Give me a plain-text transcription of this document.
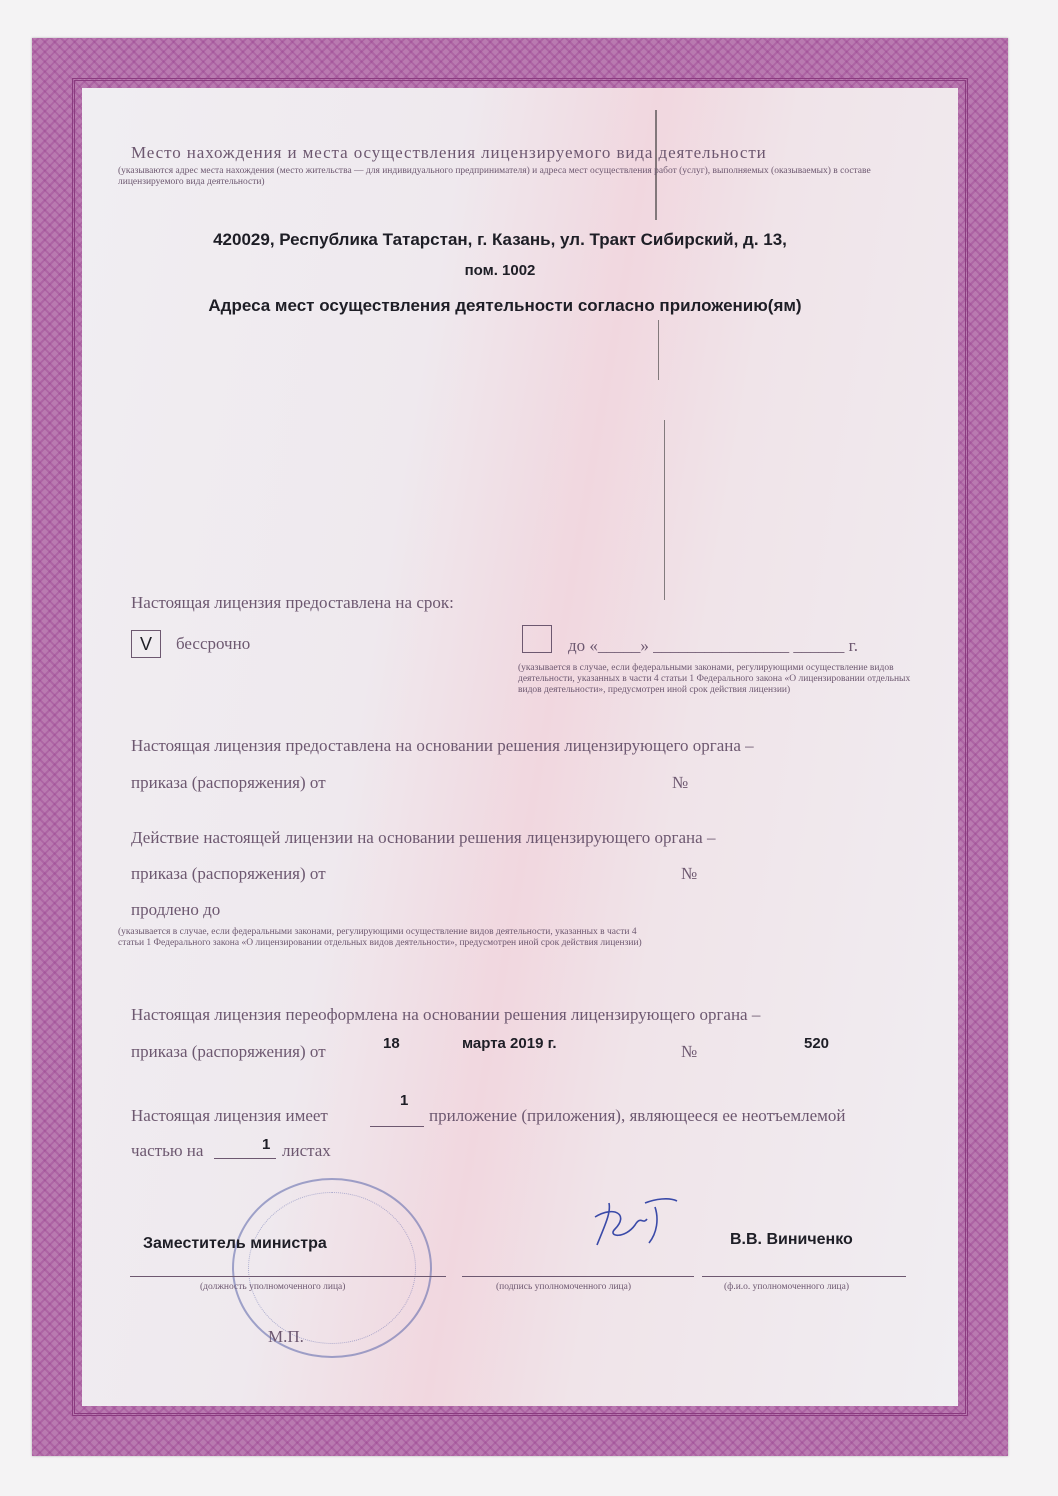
Место нахождения и места осуществления лицензируемого вида деятельности
(указываются адрес места нахождения (место жительства — для индивидуального предпринимателя) и адреса мест осуществления работ (услуг), выполняемых (оказываемых) в составе лицензируемого вида деятельности)
420029, Республика Татарстан, г. Казань, ул. Тракт Сибирский, д. 13,
пом. 1002
Адреса мест осуществления деятельности согласно приложению(ям)
Настоящая лицензия предоставлена на срок:
V	бессрочно	до «_____» ________________ ______ г.
(указывается в случае, если федеральными законами, регулирующими осуществление видов деятельности, указанных в части 4 статьи 1 Федерального закона «О лицензировании отдельных видов деятельности», предусмотрен иной срок действия лицензии)
Настоящая лицензия предоставлена на основании решения лицензирующего органа –
приказа (распоряжения) от	№
Действие настоящей лицензии на основании решения лицензирующего органа –
приказа (распоряжения) от	№
продлено до
(указывается в случае, если федеральными законами, регулирующими осуществление видов деятельности, указанных в части 4 статьи 1 Федерального закона «О лицензировании отдельных видов деятельности», предусмотрен иной срок действия лицензии)
Настоящая лицензия переоформлена на основании решения лицензирующего органа –
приказа (распоряжения) от	18	марта 2019 г.	№	520
Настоящая лицензия имеет
1
приложение (приложения), являющееся ее неотъемлемой
частью на	1 листах
Заместитель министра
(должность уполномоченного лица)	(подпись уполномоченного лица)
В.В. Виниченко
(ф.и.о. уполномоченного лица)
М.П.
